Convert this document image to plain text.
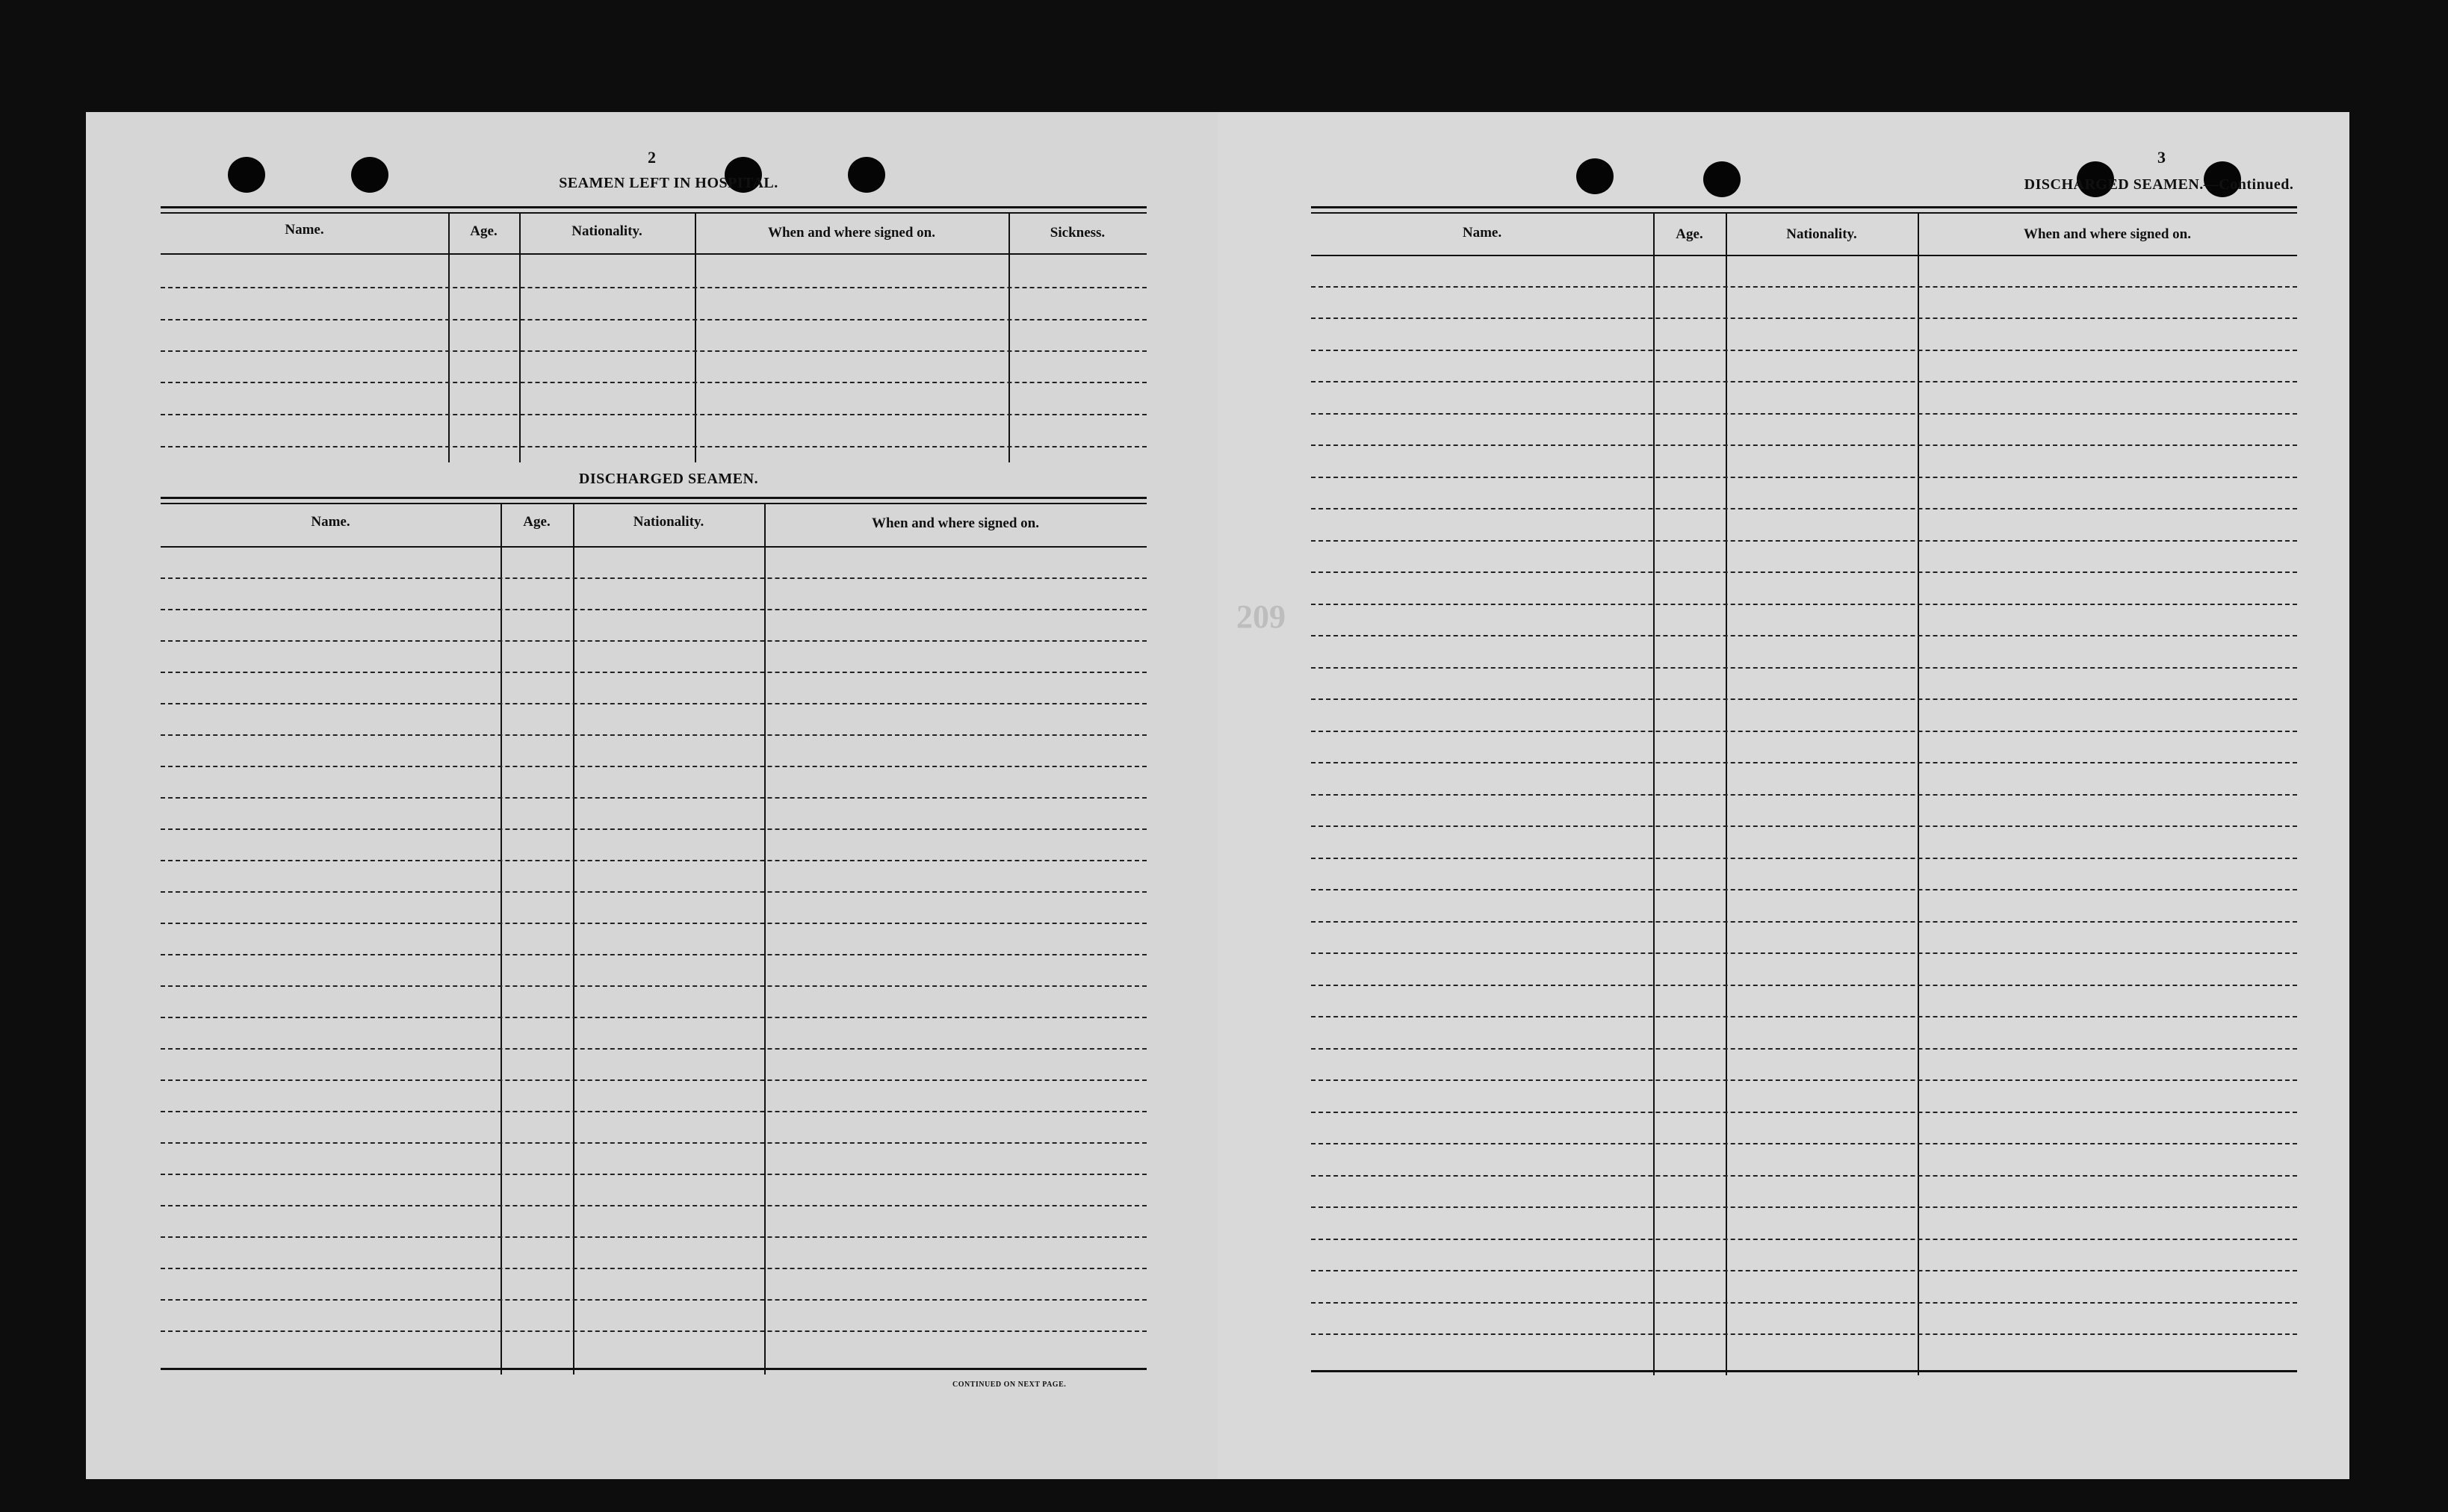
2
SEAMEN LEFT IN HOSPITAL.
Name.	Age.	Nationality.	When and where signed on.	Sickness.
DISCHARGED SEAMEN.
Name.	Age.	Nationality.	When and where signed on.
CONTINUED ON NEXT PAGE.
209
3
DISCHARGED SEAMEN.—Continued.
Name.	Age.	Nationality.	When and where signed on.
